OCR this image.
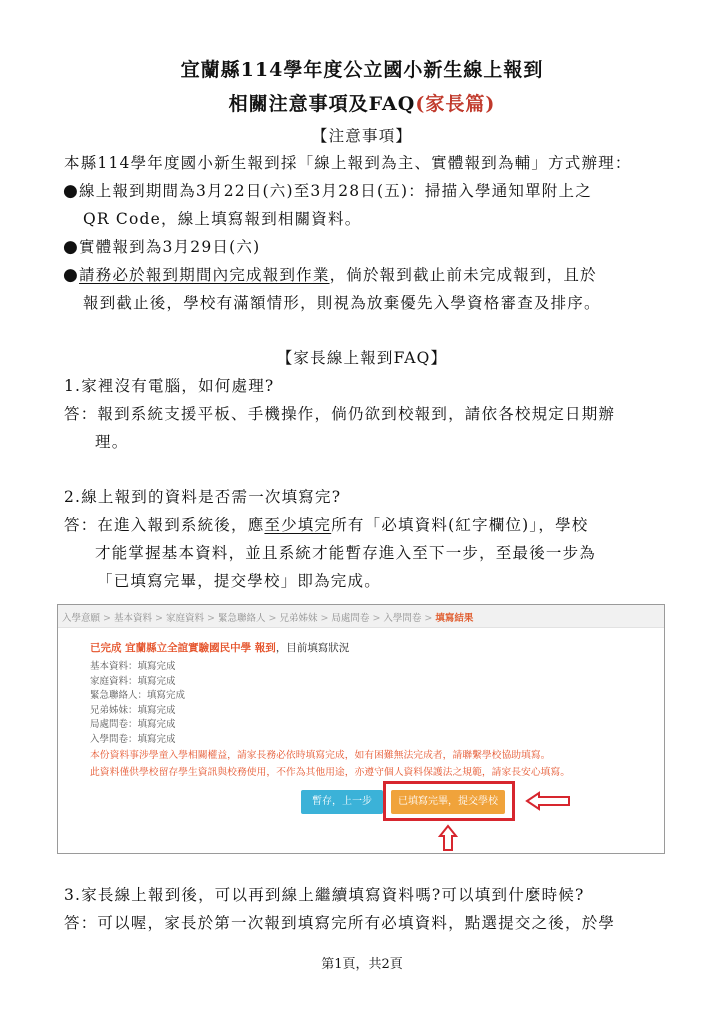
宜蘭縣114學年度公立國小新生線上報到
相關注意事項及FAQ(家長篇)
【注意事項】
本縣114學年度國小新生報到採「線上報到為主、實體報到為輔」方式辦理：
●線上報到期間為3月22日(六)至3月28日(五)：掃描入學通知單附上之
QR Code，線上填寫報到相關資料。
●實體報到為3月29日(六)
●請務必於報到期間內完成報到作業，倘於報到截止前未完成報到，且於
報到截止後，學校有滿額情形，則視為放棄優先入學資格審查及排序。
【家長線上報到FAQ】
1.家裡沒有電腦，如何處理?
答：報到系統支援平板、手機操作，倘仍欲到校報到，請依各校規定日期辦
理。
2.線上報到的資料是否需一次填寫完?
答：在進入報到系統後，應至少填完所有「必填資料(紅字欄位)」，學校
才能掌握基本資料，並且系統才能暫存進入至下一步，至最後一步為
「已填寫完畢，提交學校」即為完成。
入學意願 > 基本資料 > 家庭資料 > 緊急聯絡人 > 兄弟姊妹 > 局處問卷 > 入學問卷 > 填寫結果
已完成 宜蘭縣立全誼實驗國民中學 報到，目前填寫狀況
基本資料：填寫完成
家庭資料：填寫完成
緊急聯絡人：填寫完成
兄弟姊妹：填寫完成
局處問卷：填寫完成
入學問卷：填寫完成
本份資料事涉學童入學相關權益，請家長務必依時填寫完成，如有困難無法完成者，請聯繫學校協助填寫。
此資料僅供學校留存學生資訊與校務使用，不作為其他用途，亦遵守個人資料保護法之規範，請家長安心填寫。
暫存，上一步	已填寫完畢，提交學校
3.家長線上報到後，可以再到線上繼續填寫資料嗎?可以填到什麼時候?
答：可以喔，家長於第一次報到填寫完所有必填資料，點選提交之後，於學
第1頁，共2頁
